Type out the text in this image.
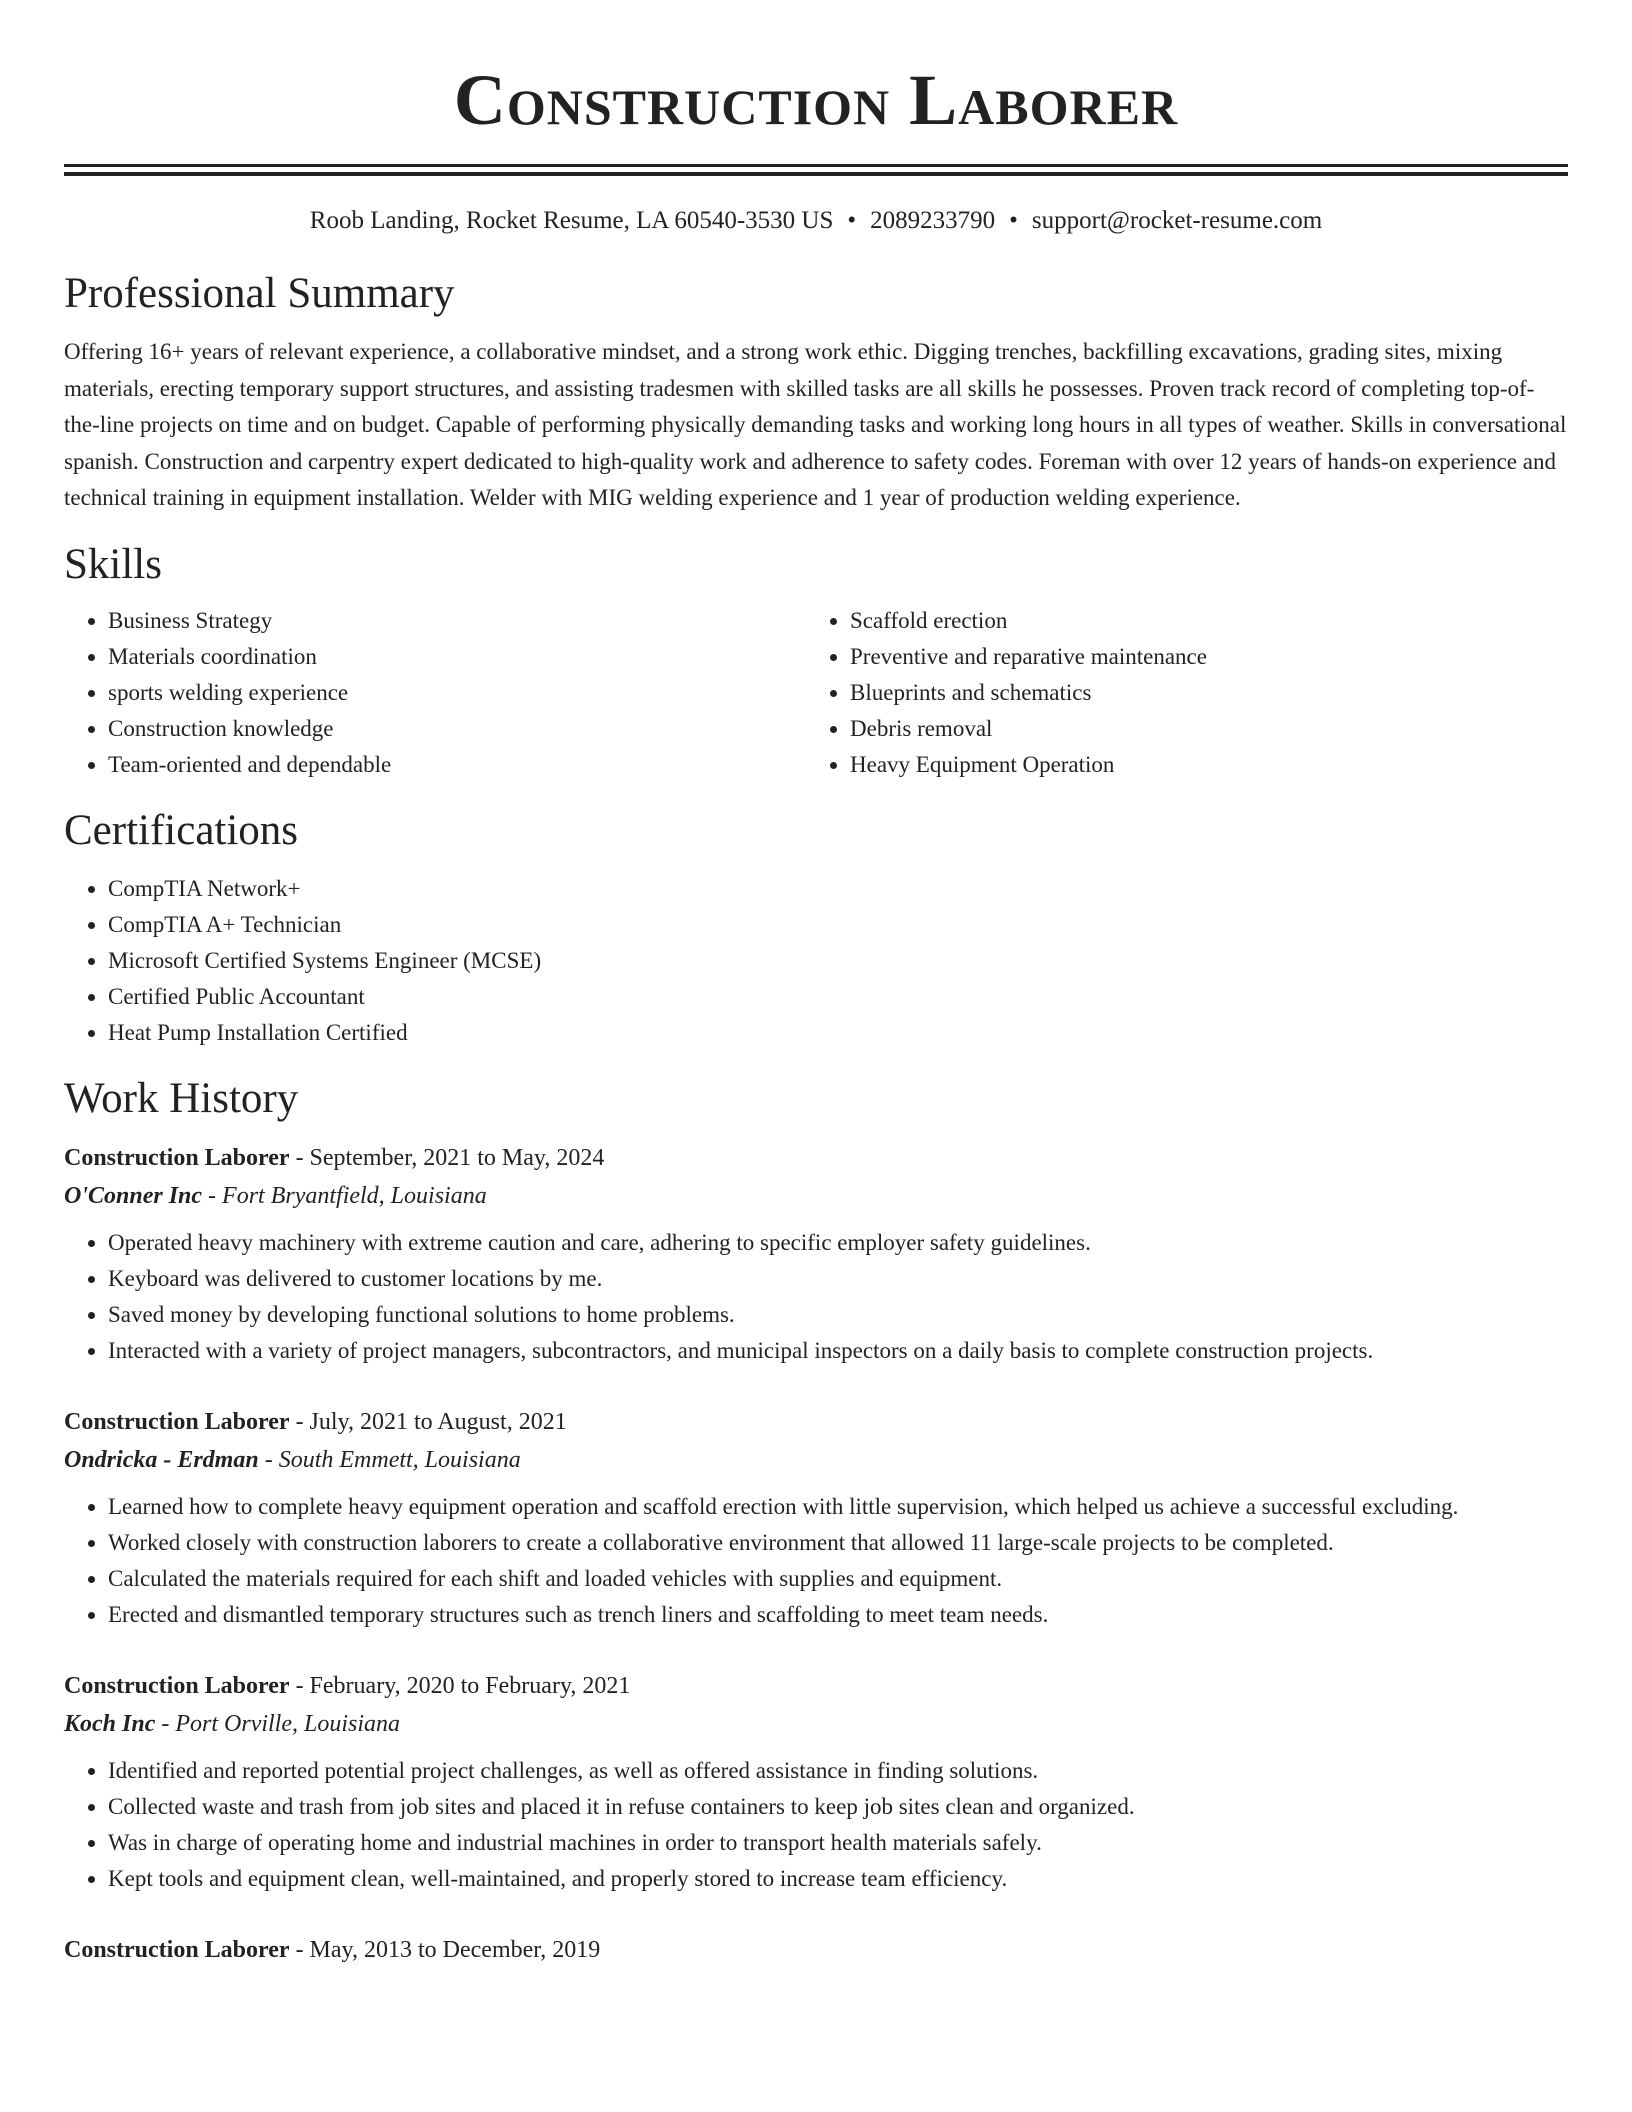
Construction Laborer
Roob Landing, Rocket Resume, LA 60540-3530 US • 2089233790 • support@rocket-resume.com
Professional Summary
Offering 16+ years of relevant experience, a collaborative mindset, and a strong work ethic. Digging trenches, backfilling excavations, grading sites, mixing materials, erecting temporary support structures, and assisting tradesmen with skilled tasks are all skills he possesses. Proven track record of completing top-of-the-line projects on time and on budget. Capable of performing physically demanding tasks and working long hours in all types of weather. Skills in conversational spanish. Construction and carpentry expert dedicated to high-quality work and adherence to safety codes. Foreman with over 12 years of hands-on experience and technical training in equipment installation. Welder with MIG welding experience and 1 year of production welding experience.
Skills
• Business Strategy
• Materials coordination
• sports welding experience
• Construction knowledge
• Team-oriented and dependable
• Scaffold erection
• Preventive and reparative maintenance
• Blueprints and schematics
• Debris removal
• Heavy Equipment Operation
Certifications
• CompTIA Network+
• CompTIA A+ Technician
• Microsoft Certified Systems Engineer (MCSE)
• Certified Public Accountant
• Heat Pump Installation Certified
Work History
Construction Laborer - September, 2021 to May, 2024
O'Conner Inc - Fort Bryantfield, Louisiana
• Operated heavy machinery with extreme caution and care, adhering to specific employer safety guidelines.
• Keyboard was delivered to customer locations by me.
• Saved money by developing functional solutions to home problems.
• Interacted with a variety of project managers, subcontractors, and municipal inspectors on a daily basis to complete construction projects.
Construction Laborer - July, 2021 to August, 2021
Ondricka - Erdman - South Emmett, Louisiana
• Learned how to complete heavy equipment operation and scaffold erection with little supervision, which helped us achieve a successful excluding.
• Worked closely with construction laborers to create a collaborative environment that allowed 11 large-scale projects to be completed.
• Calculated the materials required for each shift and loaded vehicles with supplies and equipment.
• Erected and dismantled temporary structures such as trench liners and scaffolding to meet team needs.
Construction Laborer - February, 2020 to February, 2021
Koch Inc - Port Orville, Louisiana
• Identified and reported potential project challenges, as well as offered assistance in finding solutions.
• Collected waste and trash from job sites and placed it in refuse containers to keep job sites clean and organized.
• Was in charge of operating home and industrial machines in order to transport health materials safely.
• Kept tools and equipment clean, well-maintained, and properly stored to increase team efficiency.
Construction Laborer - May, 2013 to December, 2019
